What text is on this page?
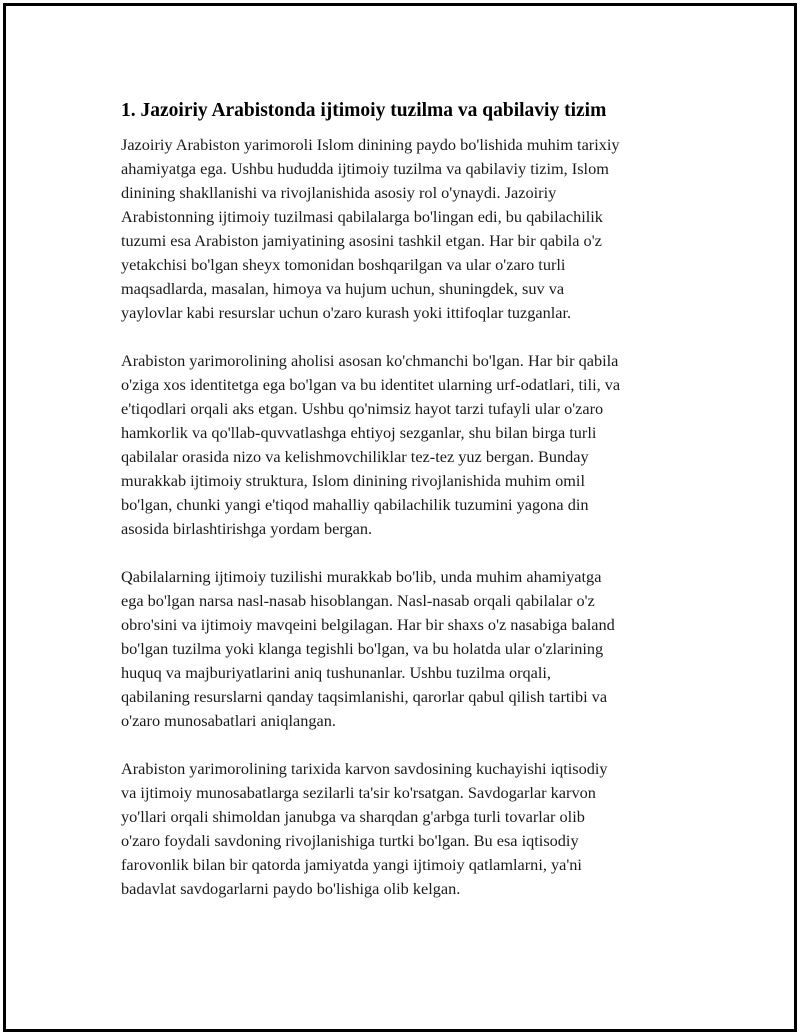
1. Jazoiriy Arabistonda ijtimoiy tuzilma va qabilaviy tizim

Jazoiriy Arabiston yarimoroli Islom dinining paydo bo'lishida muhim tarixiy
ahamiyatga ega. Ushbu hududda ijtimoiy tuzilma va qabilaviy tizim, Islom
dinining shakllanishi va rivojlanishida asosiy rol o'ynaydi. Jazoiriy
Arabistonning ijtimoiy tuzilmasi qabilalarga bo'lingan edi, bu qabilachilik
tuzumi esa Arabiston jamiyatining asosini tashkil etgan. Har bir qabila o'z
yetakchisi bo'lgan sheyx tomonidan boshqarilgan va ular o'zaro turli
maqsadlarda, masalan, himoya va hujum uchun, shuningdek, suv va
yaylovlar kabi resurslar uchun o'zaro kurash yoki ittifoqlar tuzganlar.

Arabiston yarimorolining aholisi asosan ko'chmanchi bo'lgan. Har bir qabila
o'ziga xos identitetga ega bo'lgan va bu identitet ularning urf-odatlari, tili, va
e'tiqodlari orqali aks etgan. Ushbu qo'nimsiz hayot tarzi tufayli ular o'zaro
hamkorlik va qo'llab-quvvatlashga ehtiyoj sezganlar, shu bilan birga turli
qabilalar orasida nizo va kelishmovchiliklar tez-tez yuz bergan. Bunday
murakkab ijtimoiy struktura, Islom dinining rivojlanishida muhim omil
bo'lgan, chunki yangi e'tiqod mahalliy qabilachilik tuzumini yagona din
asosida birlashtirishga yordam bergan.

Qabilalarning ijtimoiy tuzilishi murakkab bo'lib, unda muhim ahamiyatga
ega bo'lgan narsa nasl-nasab hisoblangan. Nasl-nasab orqali qabilalar o'z
obro'sini va ijtimoiy mavqeini belgilagan. Har bir shaxs o'z nasabiga baland
bo'lgan tuzilma yoki klanga tegishli bo'lgan, va bu holatda ular o'zlarining
huquq va majburiyatlarini aniq tushunanlar. Ushbu tuzilma orqali,
qabilaning resurslarni qanday taqsimlanishi, qarorlar qabul qilish tartibi va
o'zaro munosabatlari aniqlangan.

Arabiston yarimorolining tarixida karvon savdosining kuchayishi iqtisodiy
va ijtimoiy munosabatlarga sezilarli ta'sir ko'rsatgan. Savdogarlar karvon
yo'llari orqali shimoldan janubga va sharqdan g'arbga turli tovarlar olib
o'zaro foydali savdoning rivojlanishiga turtki bo'lgan. Bu esa iqtisodiy
farovonlik bilan bir qatorda jamiyatda yangi ijtimoiy qatlamlarni, ya'ni
badavlat savdogarlarni paydo bo'lishiga olib kelgan.
